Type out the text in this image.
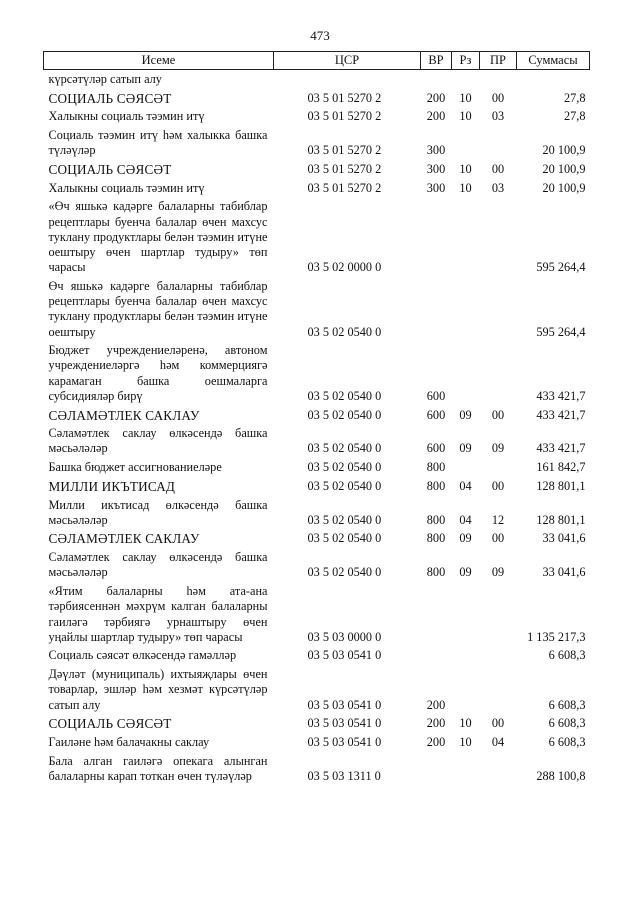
473
Исеме	ЦСР	ВР	Рз	ПР	Суммасы
күрсәтүләр сатып алу					
СОЦИАЛЬ СӘЯСӘТ	03 5 01 5270 2	200	10	00	27,8
Халыкны социаль тәэмин итү	03 5 01 5270 2	200	10	03	27,8
Социаль тәэмин итү һәм халыкка башка түләүләр	03 5 01 5270 2	300			20 100,9
СОЦИАЛЬ СӘЯСӘТ	03 5 01 5270 2	300	10	00	20 100,9
Халыкны социаль тәэмин итү	03 5 01 5270 2	300	10	03	20 100,9
«Өч яшькә кадәрге балаларны табиблар рецептлары буенча балалар өчен махсус туклану продуктлары белән тәэмин итүне оештыру өчен шартлар тудыру» төп чарасы	03 5 02 0000 0				595 264,4
Өч яшькә кадәрге балаларны табиблар рецептлары буенча балалар өчен махсус туклану продуктлары белән тәэмин итүне оештыру	03 5 02 0540 0				595 264,4
Бюджет учреждениеләренә, автоном учреждениеләргә һәм коммерциягә карамаган башка оешмаларга субсидияләр бирү	03 5 02 0540 0	600			433 421,7
СӘЛАМӘТЛЕК САКЛАУ	03 5 02 0540 0	600	09	00	433 421,7
Сәламәтлек саклау өлкәсендә башка мәсьәләләр	03 5 02 0540 0	600	09	09	433 421,7
Башка бюджет ассигнованиеләре	03 5 02 0540 0	800			161 842,7
МИЛЛИ ИКЪТИСАД	03 5 02 0540 0	800	04	00	128 801,1
Милли икътисад өлкәсендә башка мәсьәләләр	03 5 02 0540 0	800	04	12	128 801,1
СӘЛАМӘТЛЕК САКЛАУ	03 5 02 0540 0	800	09	00	33 041,6
Сәламәтлек саклау өлкәсендә башка мәсьәләләр	03 5 02 0540 0	800	09	09	33 041,6
«Ятим балаларны һәм ата-ана тәрбиясеннән мәхрүм калган балаларны гаиләгә тәрбиягә урнаштыру өчен уңайлы шартлар тудыру» төп чарасы	03 5 03 0000 0				1 135 217,3
Социаль сәясәт өлкәсендә гамәлләр	03 5 03 0541 0				6 608,3
Дәүләт (муниципаль) ихтыяҗлары өчен товарлар, эшләр һәм хезмәт күрсәтүләр сатып алу	03 5 03 0541 0	200			6 608,3
СОЦИАЛЬ СӘЯСӘТ	03 5 03 0541 0	200	10	00	6 608,3
Гаиләне һәм балачакны саклау	03 5 03 0541 0	200	10	04	6 608,3
Бала алган гаиләгә опекага алынган балаларны карап тоткан өчен түләүләр	03 5 03 1311 0				288 100,8
